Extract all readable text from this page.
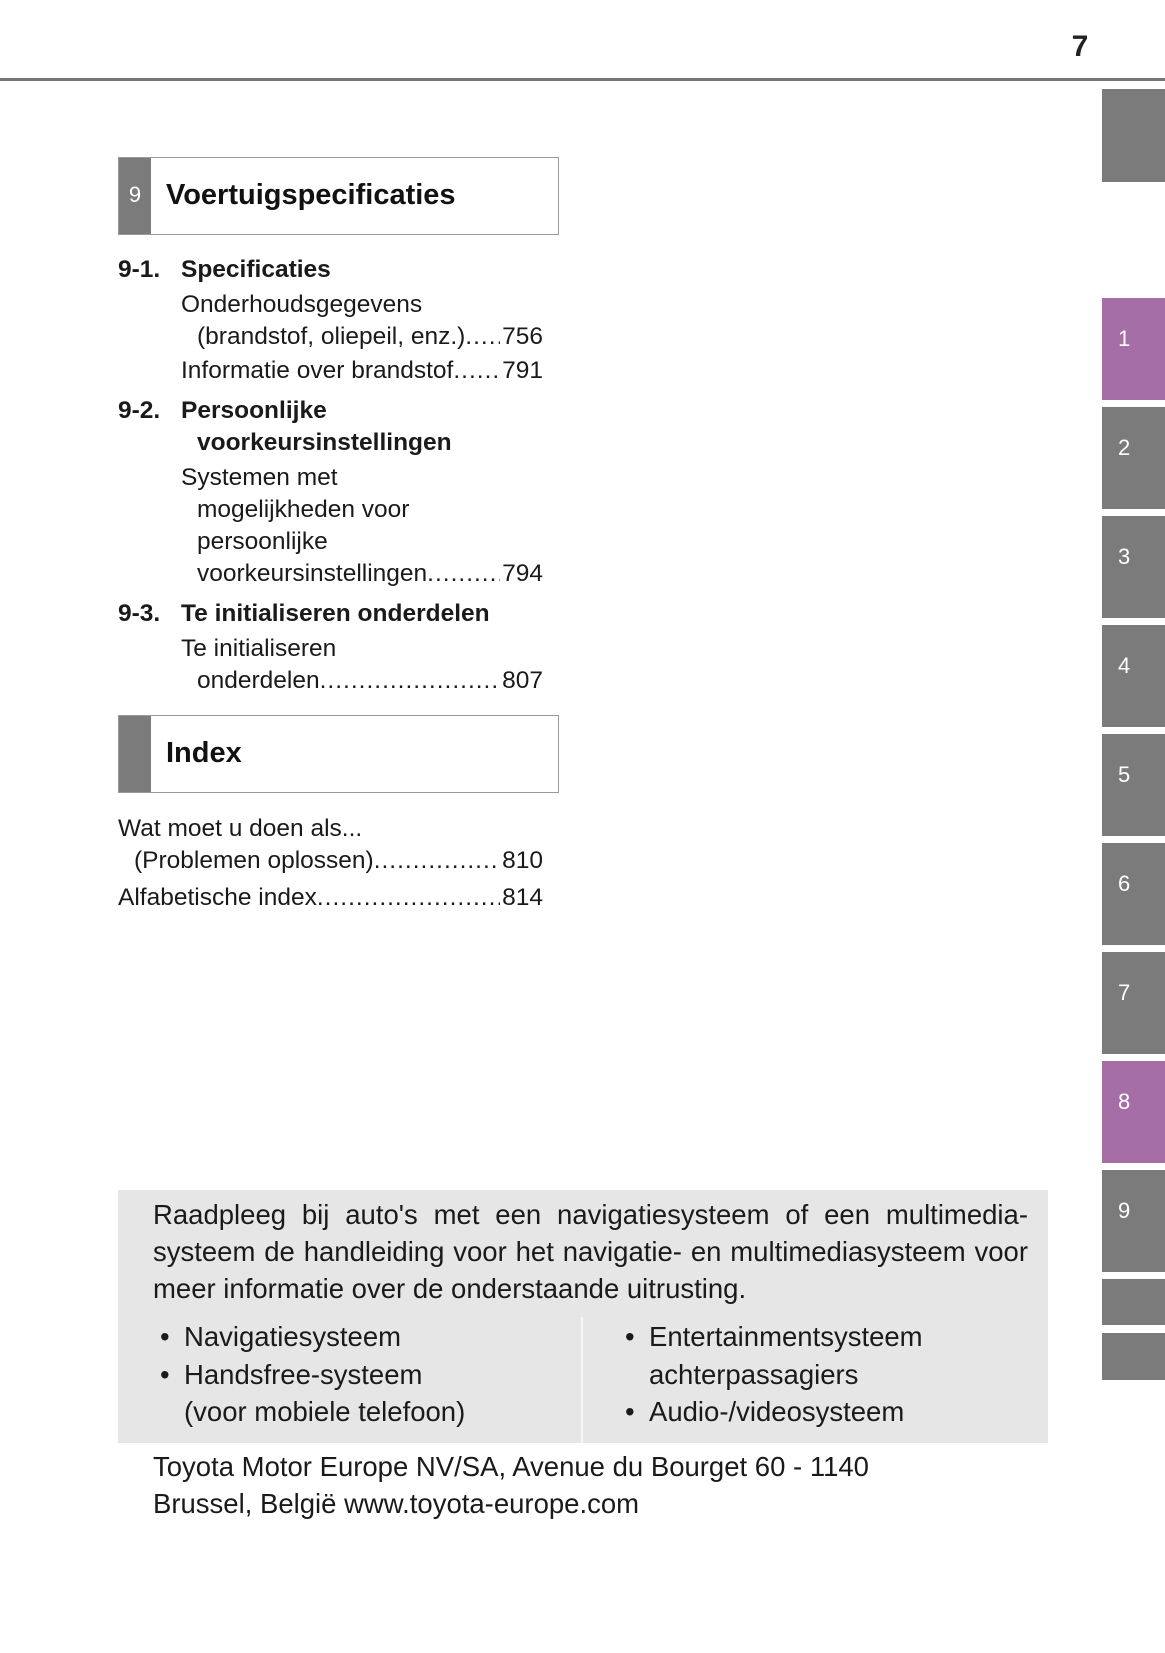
7
1
2
3
4
5
6
7
8
9
9 Voertuigspecificaties
9-1. Specificaties
Onderhoudsgegevens
(brandstof, oliepeil, enz.) ..... 756
Informatie over brandstof ..... 791
9-2. Persoonlijke
voorkeursinstellingen
Systemen met
mogelijkheden voor
persoonlijke
voorkeursinstellingen .....	794
9-3. Te initialiseren onderdelen
Te initialiseren
onderdelen .....	807
Index
Wat moet u doen als...
(Problemen oplossen) .....	810
Alfabetische index .....	814
Raadpleeg bij auto's met een navigatiesysteem of een multimedia-systeem de handleiding voor het navigatie- en multimediasysteem voor meer informatie over de onderstaande uitrusting.
• Navigatiesysteem
• Handsfree-systeem
(voor mobiele telefoon)
• Entertainmentsysteem
achterpassagiers
• Audio-/videosysteem
Toyota Motor Europe NV/SA, Avenue du Bourget 60 - 1140
Brussel, België www.toyota-europe.com
